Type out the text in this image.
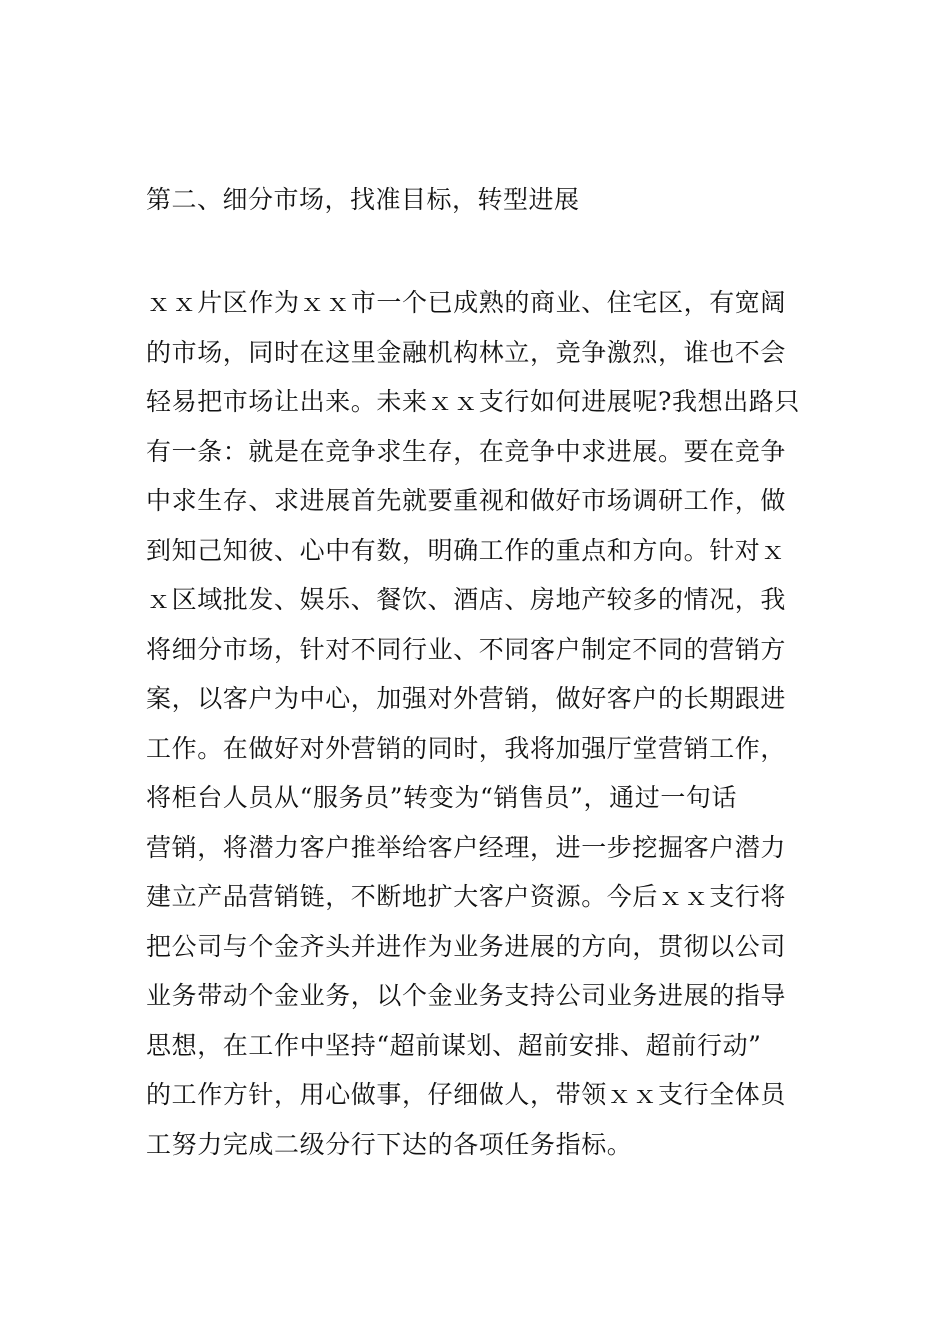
第二、细分市场，找准目标，转型进展
ｘｘ片区作为ｘｘ市一个已成熟的商业、住宅区，有宽阔
的市场，同时在这里金融机构林立，竞争激烈，谁也不会
轻易把市场让出来。未来ｘｘ支行如何进展呢?我想出路只
有一条：就是在竞争求生存，在竞争中求进展。要在竞争
中求生存、求进展首先就要重视和做好市场调研工作，做
到知己知彼、心中有数，明确工作的重点和方向。针对ｘ
ｘ区域批发、娱乐、餐饮、酒店、房地产较多的情况，我
将细分市场，针对不同行业、不同客户制定不同的营销方
案，以客户为中心，加强对外营销，做好客户的长期跟进
工作。在做好对外营销的同时，我将加强厅堂营销工作，
将柜台人员从“服务员”转变为“销售员”，通过一句话
营销，将潜力客户推举给客户经理，进一步挖掘客户潜力
建立产品营销链，不断地扩大客户资源。今后ｘｘ支行将
把公司与个金齐头并进作为业务进展的方向，贯彻以公司
业务带动个金业务，以个金业务支持公司业务进展的指导
思想，在工作中坚持“超前谋划、超前安排、超前行动”
的工作方针，用心做事，仔细做人，带领ｘｘ支行全体员
工努力完成二级分行下达的各项任务指标。
